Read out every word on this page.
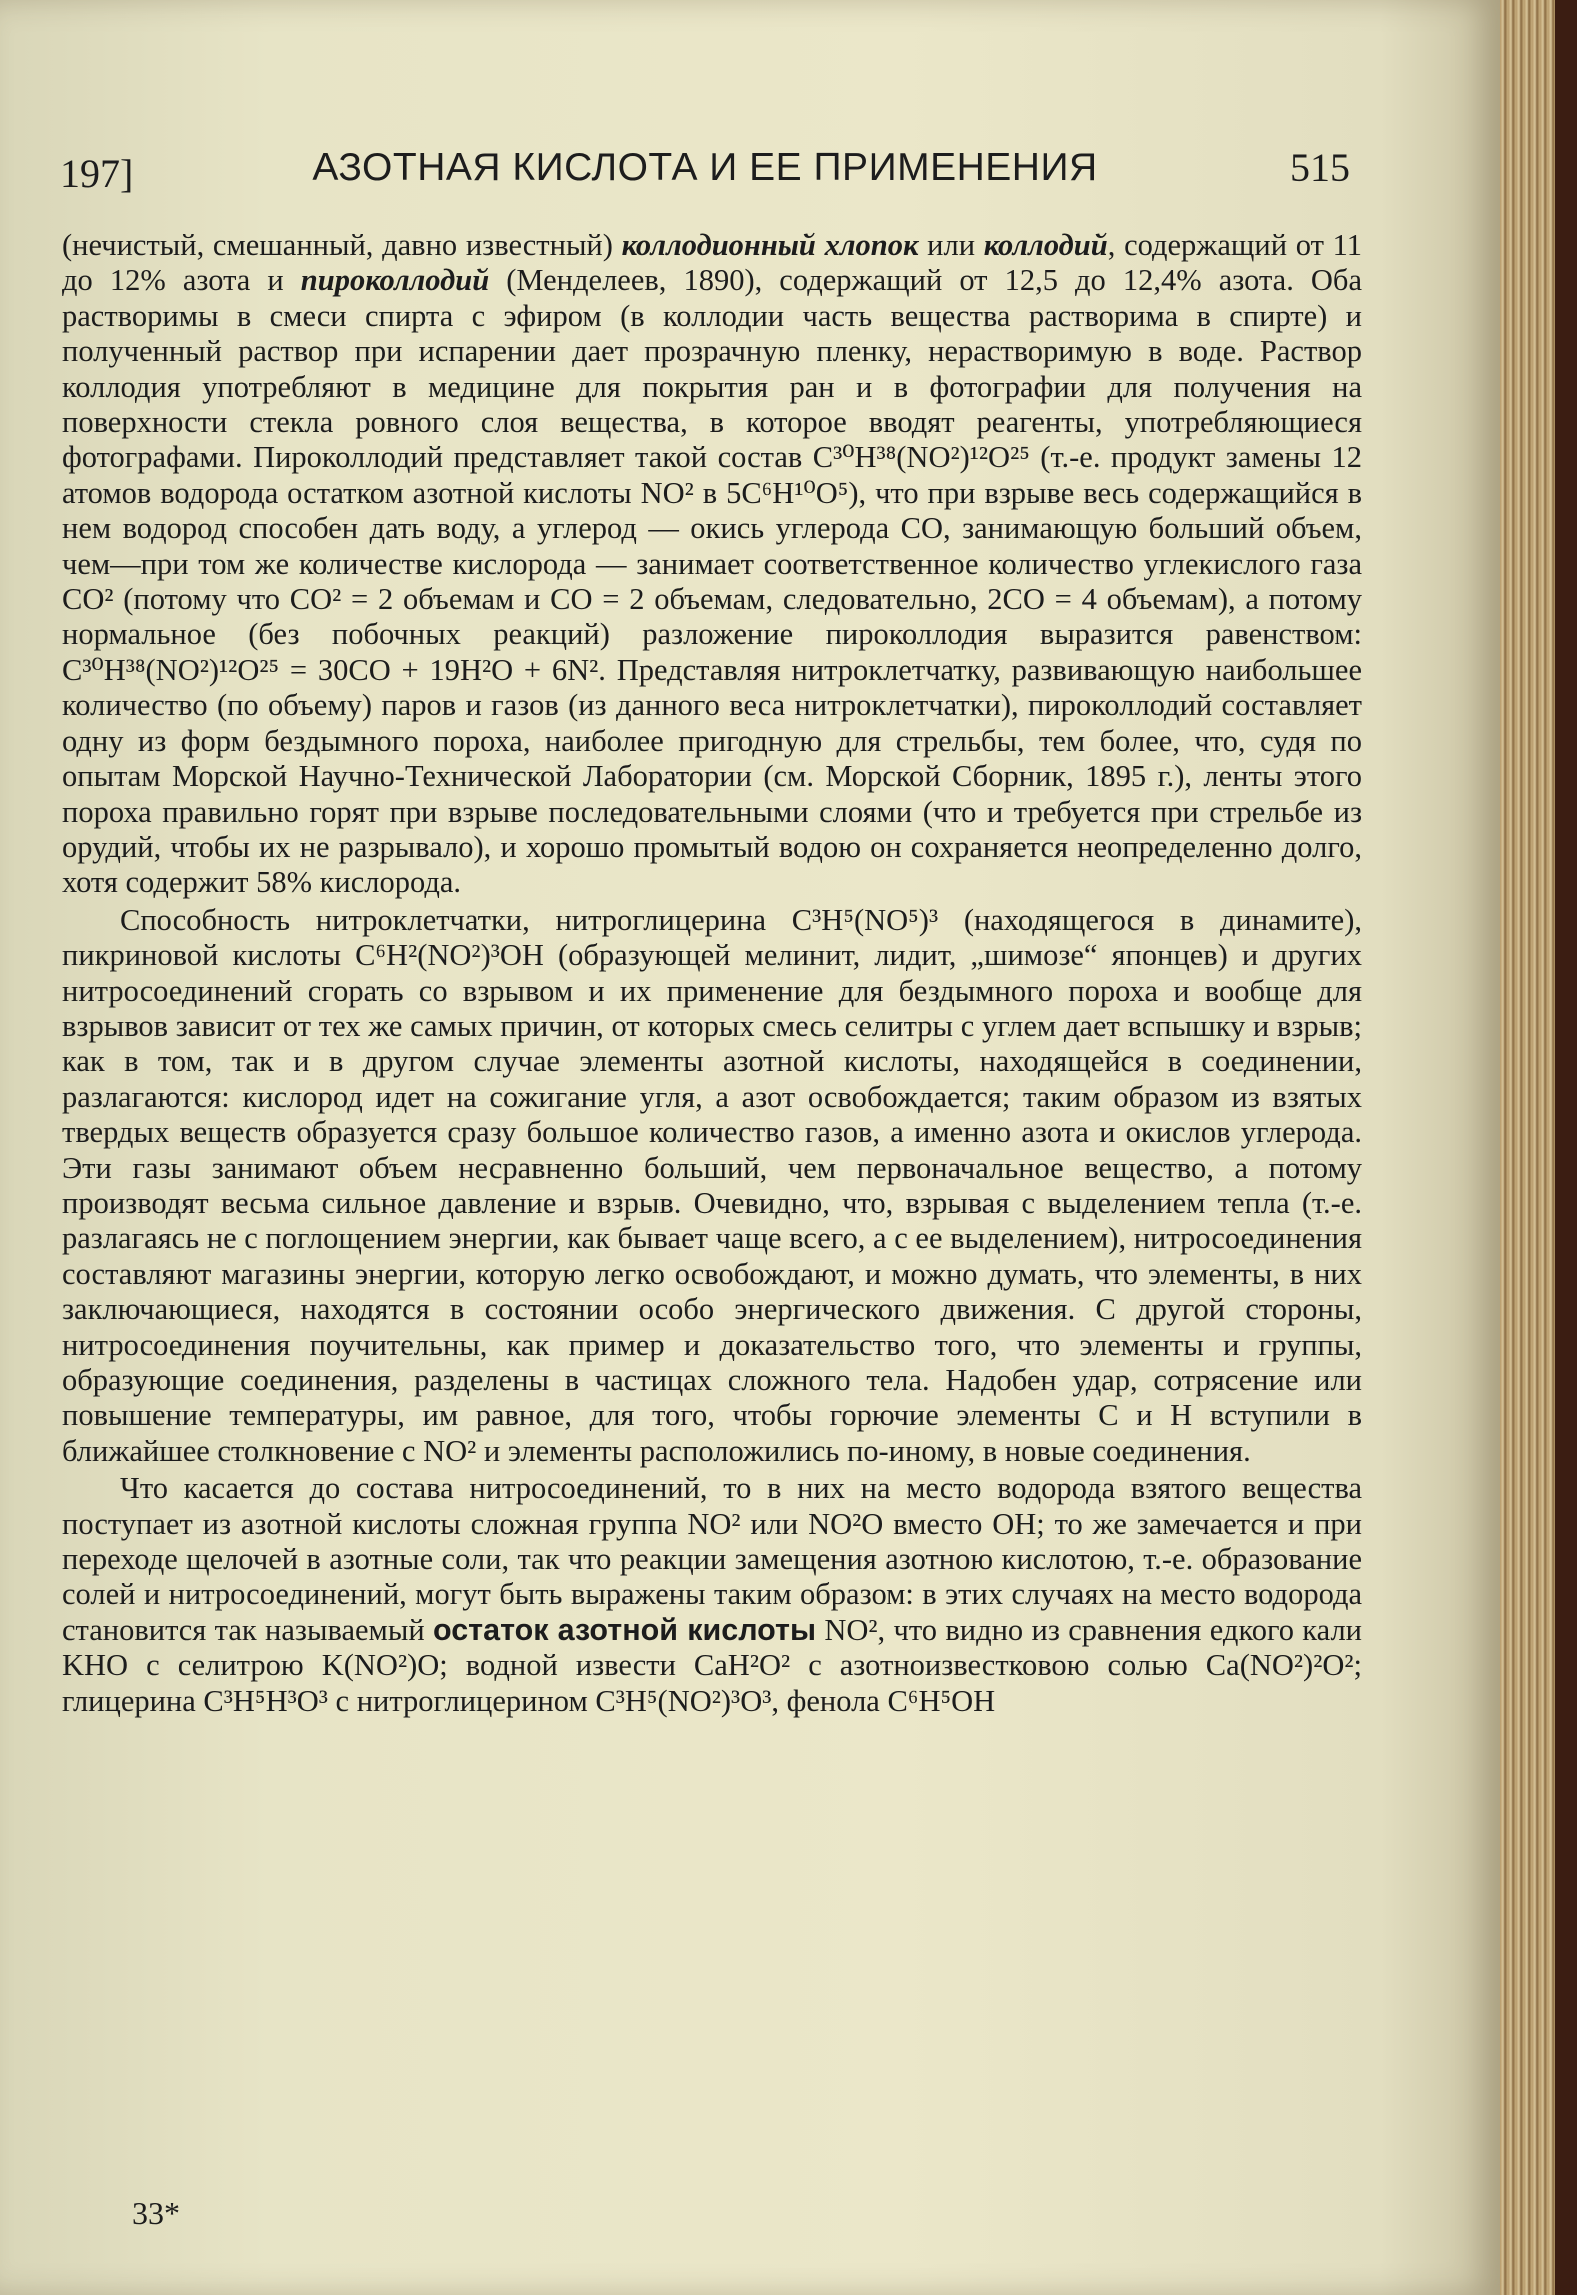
197]	АЗОТНАЯ КИСЛОТА И ЕЕ ПРИМЕНЕНИЯ	515

(нечистый, смешанный, давно известный) коллодионный хлопок или коллодий, содержащий от 11 до 12% азота и пироколлодий (Менделеев, 1890), содержащий от 12,5 до 12,4% азота. Оба растворимы в смеси спирта с эфиром (в коллодии часть вещества растворима в спирте) и полученный раствор при испарении дает прозрачную пленку, нерастворимую в воде. Раствор коллодия употребляют в медицине для покрытия ран и в фотографии для получения на поверхности стекла ровного слоя вещества, в которое вводят реагенты, употребляющиеся фотографами. Пироколлодий представляет такой состав C³⁰H³⁸(NO²)¹²O²⁵ (т.-е. продукт замены 12 атомов водорода остатком азотной кислоты NO² в 5C⁶H¹⁰O⁵), что при взрыве весь содержащийся в нем водород способен дать воду, а углерод — окись углерода CO, занимающую больший объем, чем—при том же количестве кислорода — занимает соответственное количество углекислого газа CO² (потому что CO² = 2 объемам и CO = 2 объемам, следовательно, 2CO = 4 объемам), а потому нормальное (без побочных реакций) разложение пироколлодия выразится равенством: C³⁰H³⁸(NO²)¹²O²⁵ = 30CO + 19H²O + 6N². Представляя нитроклетчатку, развивающую наибольшее количество (по объему) паров и газов (из данного веса нитроклетчатки), пироколлодий составляет одну из форм бездымного пороха, наиболее пригодную для стрельбы, тем более, что, судя по опытам Морской Научно-Технической Лаборатории (см. Морской Сборник, 1895 г.), ленты этого пороха правильно горят при взрыве последовательными слоями (что и требуется при стрельбе из орудий, чтобы их не разрывало), и хорошо промытый водою он сохраняется неопределенно долго, хотя содержит 58% кислорода.

Способность нитроклетчатки, нитроглицерина C³H⁵(NO⁵)³ (находящегося в динамите), пикриновой кислоты C⁶H²(NO²)³OH (образующей мелинит, лидит, „шимозе“ японцев) и других нитросоединений сгорать со взрывом и их применение для бездымного пороха и вообще для взрывов зависит от тех же самых причин, от которых смесь селитры с углем дает вспышку и взрыв; как в том, так и в другом случае элементы азотной кислоты, находящейся в соединении, разлагаются: кислород идет на сожигание угля, а азот освобождается; таким образом из взятых твердых веществ образуется сразу большое количество газов, а именно азота и окислов углерода. Эти газы занимают объем несравненно больший, чем первоначальное вещество, а потому производят весьма сильное давление и взрыв. Очевидно, что, взрывая с выделением тепла (т.-е. разлагаясь не с поглощением энергии, как бывает чаще всего, а с ее выделением), нитросоединения составляют магазины энергии, которую легко освобождают, и можно думать, что элементы, в них заключающиеся, находятся в состоянии особо энергического движения. С другой стороны, нитросоединения поучительны, как пример и доказательство того, что элементы и группы, образующие соединения, разделены в частицах сложного тела. Надобен удар, сотрясение или повышение температуры, им равное, для того, чтобы горючие элементы C и H вступили в ближайшее столкновение с NO² и элементы расположились по-иному, в новые соединения.

Что касается до состава нитросоединений, то в них на место водорода взятого вещества поступает из азотной кислоты сложная группа NO² или NO²O вместо OH; то же замечается и при переходе щелочей в азотные соли, так что реакции замещения азотною кислотою, т.-е. образование солей и нитросоединений, могут быть выражены таким образом: в этих случаях на место водорода становится так называемый остаток азотной кислоты NO², что видно из сравнения едкого кали KHO с селитрою K(NO²)O; водной извести CaH²O² с азотноизвестковою солью Ca(NO²)²O²; глицерина C³H⁵H³O³ с нитроглицерином C³H⁵(NO²)³O³, фенола C⁶H⁵OH

33*
